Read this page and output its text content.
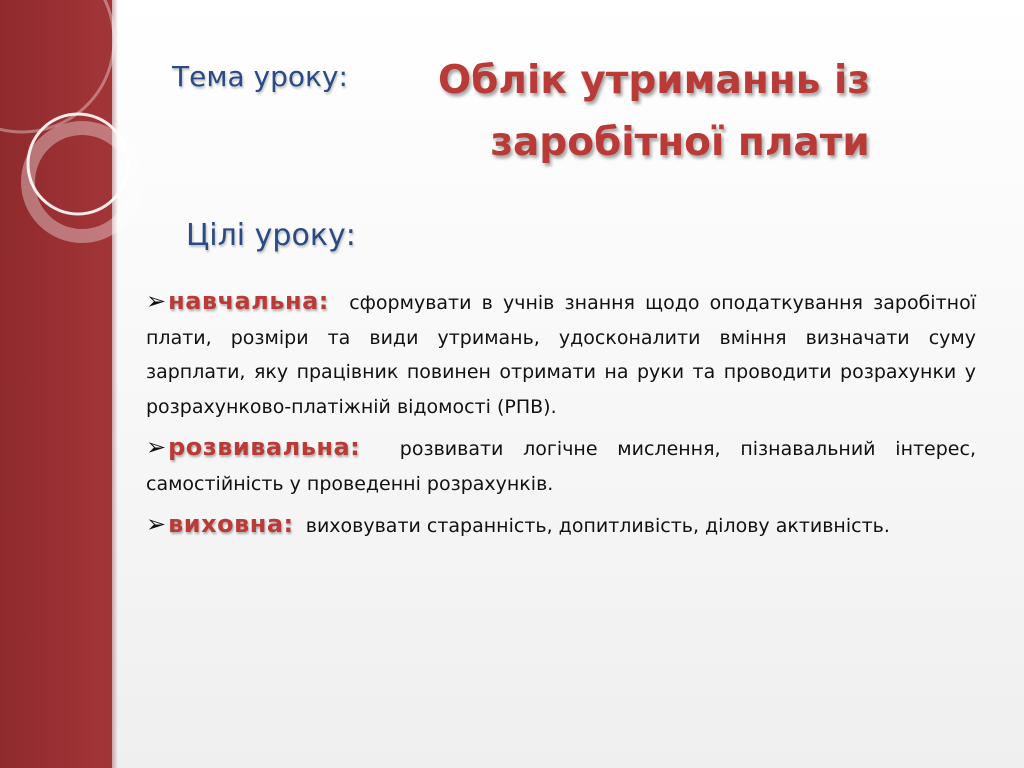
Тема уроку:	Облік утриманнь із
заробітної плати
Цілі уроку:
➢навчальна: сформувати в учнів знання щодо оподаткування заробітної плати, розміри та види утримань, удосконалити вміння визначати суму зарплати, яку працівник повинен отримати на руки та проводити розрахунки у розрахунково-платіжній відомості (РПВ).
➢розвивальна: розвивати логічне мислення, пізнавальний інтерес, самостійність у проведенні розрахунків.
➢виховна: виховувати старанність, допитливість, ділову активність.
